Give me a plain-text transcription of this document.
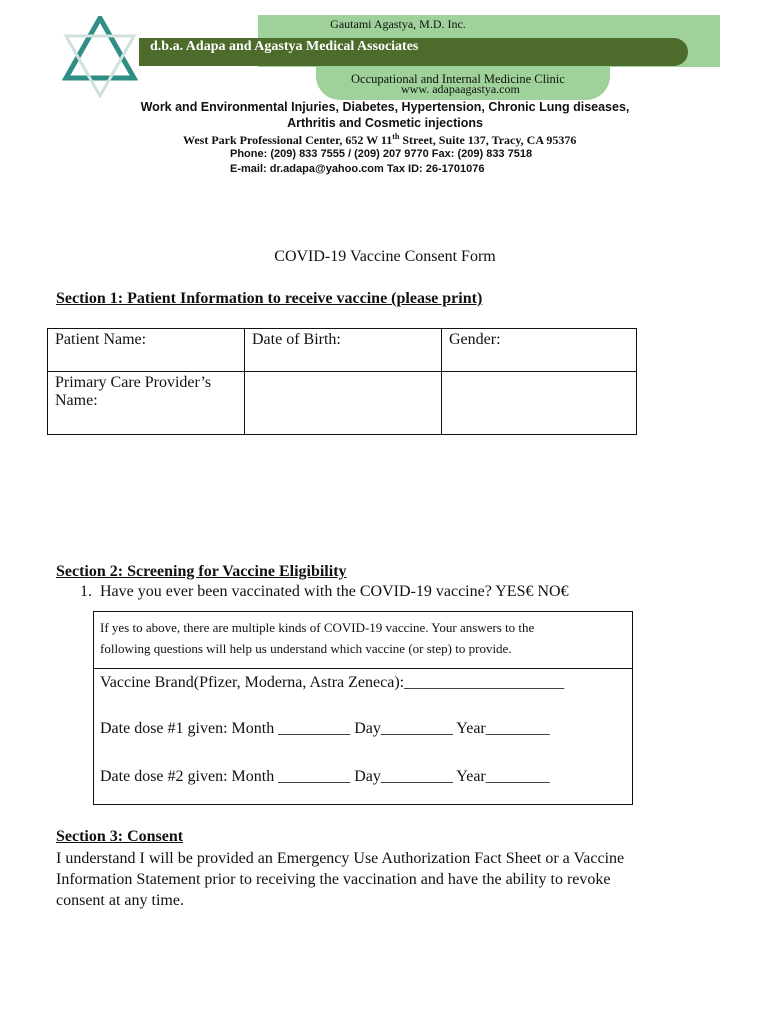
Gautami Agastya, M.D. Inc.
d.b.a. Adapa and Agastya Medical Associates
Occupational and Internal Medicine Clinic
www. adapaagastya.com
Work and Environmental Injuries, Diabetes, Hypertension, Chronic Lung diseases,
Arthritis and Cosmetic injections
West Park Professional Center, 652 W 11th Street, Suite 137, Tracy, CA 95376
Phone: (209) 833 7555 / (209) 207 9770 Fax: (209) 833 7518
E-mail: dr.adapa@yahoo.com Tax ID: 26-1701076
COVID-19 Vaccine Consent Form
Section 1: Patient Information to receive vaccine (please print)
Patient Name:	Date of Birth:	Gender:

Primary Care Provider’s
Name:		

Section 2: Screening for Vaccine Eligibility
1.  Have you ever been vaccinated with the COVID-19 vaccine? YES€ NO€
If yes to above, there are multiple kinds of COVID-19 vaccine. Your answers to the
following questions will help us understand which vaccine (or step) to provide.
Vaccine Brand(Pfizer, Moderna, Astra Zeneca):____________________
Date dose #1 given: Month _________ Day_________ Year________
Date dose #2 given: Month _________ Day_________ Year________
Section 3: Consent
I understand I will be provided an Emergency Use Authorization Fact Sheet or a Vaccine
Information Statement prior to receiving the vaccination and have the ability to revoke
consent at any time.
